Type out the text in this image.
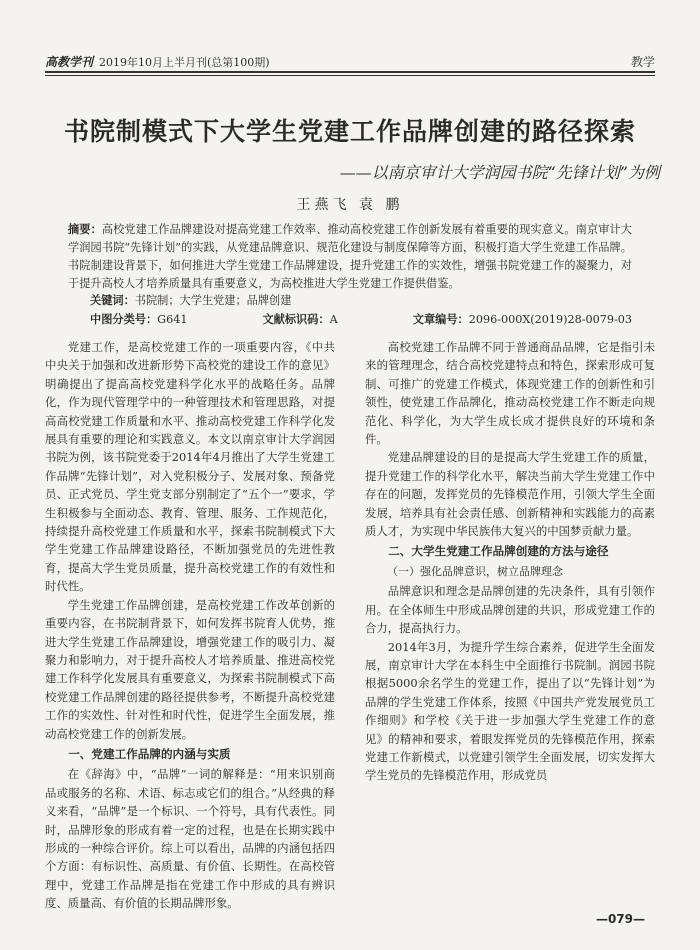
高教学刊 2019年10月上半月刊(总第100期)	教学
书院制模式下大学生党建工作品牌创建的路径探索
——以南京审计大学润园书院“先锋计划”为例
王燕飞 袁 鹏
摘要：高校党建工作品牌建设对提高党建工作效率、推动高校党建工作创新发展有着重要的现实意义。南京审计大学润园书院“先锋计划”的实践，从党建品牌意识、规范化建设与制度保障等方面，积极打造大学生党建工作品牌。书院制建设背景下，如何推进大学生党建工作品牌建设，提升党建工作的实效性，增强书院党建工作的凝聚力，对于提升高校人才培养质量具有重要意义，为高校推进大学生党建工作提供借鉴。
关键词：书院制；大学生党建；品牌创建
中图分类号：G641	文献标识码：A	文章编号：2096-000X(2019)28-0079-03

党建工作，是高校党建工作的一项重要内容，《中共中央关于加强和改进新形势下高校党的建设工作的意见》明确提出了提高高校党建科学化水平的战略任务。品牌化，作为现代管理学中的一种管理技术和管理思路，对提高高校党建工作质量和水平、推动高校党建工作科学化发展具有重要的理论和实践意义。本文以南京审计大学润园书院为例，该书院党委于2014年4月推出了大学生党建工作品牌“先锋计划”，对入党积极分子、发展对象、预备党员、正式党员、学生党支部分别制定了“五个一”要求，学生积极参与全面动态、教育、管理、服务、工作规范化，持续提升高校党建工作质量和水平，探索书院制模式下大学生党建工作品牌建设路径，不断加强党员的先进性教育，提高大学生党员质量，提升高校党建工作的有效性和时代性。

学生党建工作品牌创建，是高校党建工作改革创新的重要内容，在书院制背景下，如何发挥书院育人优势，推进大学生党建工作品牌建设，增强党建工作的吸引力、凝聚力和影响力，对于提升高校人才培养质量、推进高校党建工作科学化发展具有重要意义，为探索书院制模式下高校党建工作品牌创建的路径提供参考，不断提升高校党建工作的实效性、针对性和时代性，促进学生全面发展，推动高校党建工作的创新发展。

一、党建工作品牌的内涵与实质

在《辞海》中，“品牌”一词的解释是：“用来识别商品或服务的名称、术语、标志或它们的组合。”从经典的释义来看，“品牌”是一个标识、一个符号，具有代表性。同时，品牌形象的形成有着一定的过程，也是在长期实践中形成的一种综合评价。综上可以看出，品牌的内涵包括四个方面：有标识性、高质量、有价值、长期性。在高校管理中，党建工作品牌是指在党建工作中形成的具有辨识度、质量高、有价值的长期品牌形象。

高校党建工作品牌不同于普通商品品牌，它是指引未来的管理理念，结合高校党建特点和特色，探索形成可复制、可推广的党建工作模式，体现党建工作的创新性和引领性，使党建工作品牌化，推动高校党建工作不断走向规范化、科学化，为大学生成长成才提供良好的环境和条件。

党建品牌建设的目的是提高大学生党建工作的质量，提升党建工作的科学化水平，解决当前大学生党建工作中存在的问题，发挥党员的先锋模范作用，引领大学生全面发展，培养具有社会责任感、创新精神和实践能力的高素质人才，为实现中华民族伟大复兴的中国梦贡献力量。

二、大学生党建工作品牌创建的方法与途径
（一）强化品牌意识，树立品牌理念

品牌意识和理念是品牌创建的先决条件，具有引领作用。在全体师生中形成品牌创建的共识，形成党建工作的合力，提高执行力。

2014年3月，为提升学生综合素养，促进学生全面发展，南京审计大学在本科生中全面推行书院制。润园书院根据5000余名学生的党建工作，提出了以“先锋计划”为品牌的学生党建工作体系，按照《中国共产党发展党员工作细则》和学校《关于进一步加强大学生党建工作的意见》的精神和要求，着眼发挥党员的先锋模范作用，探索党建工作新模式，以党建引领学生全面发展，切实发挥大学生党员的先锋模范作用，形成党员

—079—
